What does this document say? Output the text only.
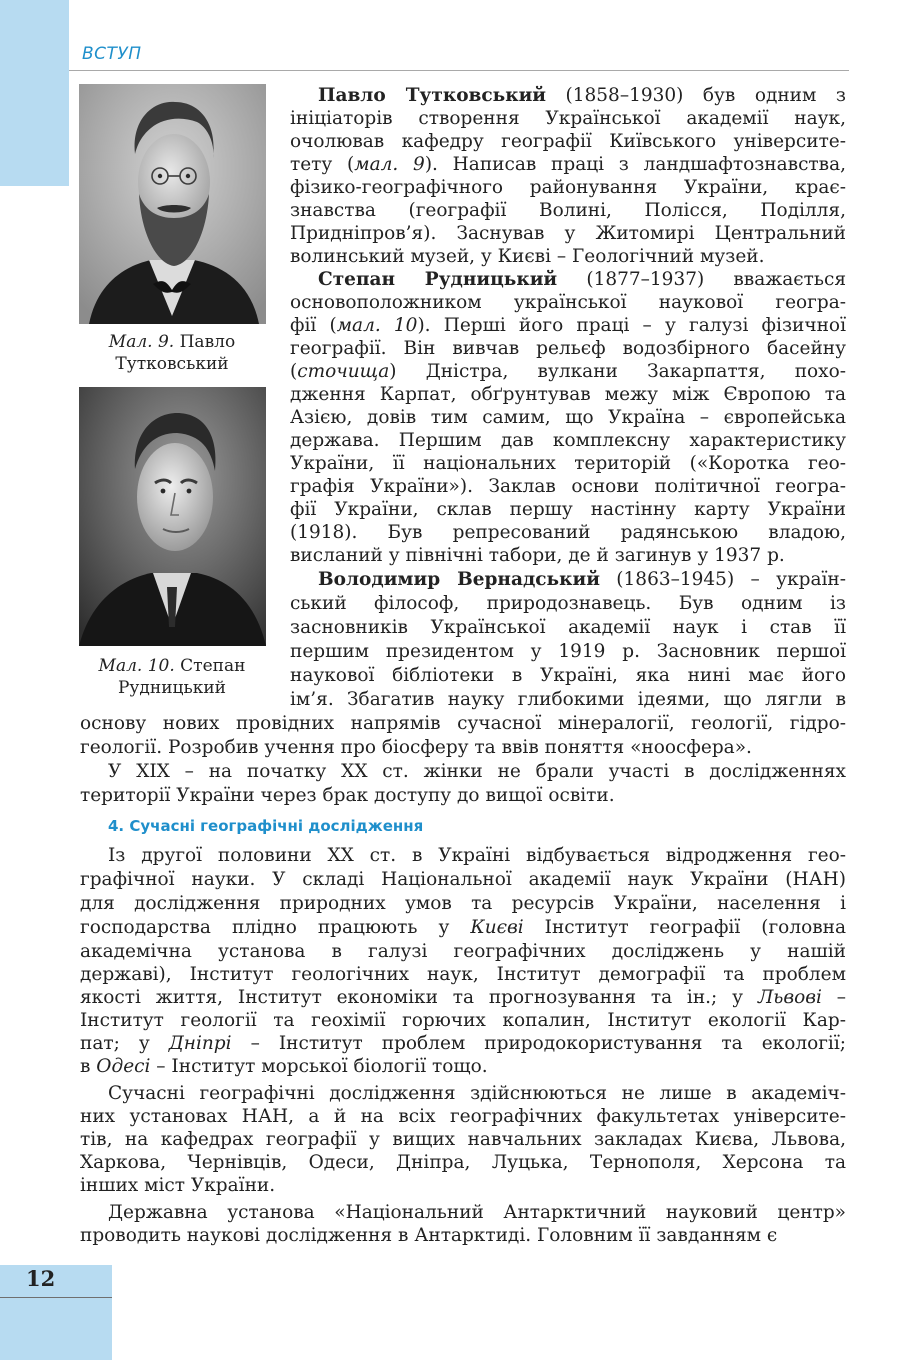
ВСТУП
Мал. 9. Павло
Тутковський
Мал. 10. Степан
Рудницький
4. Сучасні географічні дослідження
Павло Тутковський (1858–1930) був одним з
ініціаторів створення Української академії наук,
очолював кафедру географії Київського університе-
тету (мал. 9). Написав праці з ландшафтознавства,
фізико-географічного районування України, крає-
знавства (географії Волині, Полісся, Поділля,
Придніпров’я). Заснував у Житомирі Центральний
волинський музей, у Києві – Геологічний музей.
Степан Рудницький (1877–1937) вважається
основоположником української наукової геогра-
фії (мал. 10). Перші його праці – у галузі фізичної
географії. Він вивчав рельєф водозбірного басейну
(сточища) Дністра, вулкани Закарпаття, похо-
дження Карпат, обґрунтував межу між Європою та
Азією, довів тим самим, що Україна – європейська
держава. Першим дав комплексну характеристику
України, її національних територій («Коротка гео-
графія України»). Заклав основи політичної геогра-
фії України, склав першу настінну карту України
(1918). Був репресований радянською владою,
висланий у північні табори, де й загинув у 1937 р.
Володимир Вернадський (1863–1945) – україн-
ський філософ, природознавець. Був одним із
засновників Української академії наук і став її
першим президентом у 1919 р. Засновник першої
наукової бібліотеки в Україні, яка нині має його
ім’я. Збагатив науку глибокими ідеями, що лягли в
основу нових провідних напрямів сучасної мінералогії, геології, гідро-
геології. Розробив учення про біосферу та ввів поняття «ноосфера».
У XIX – на початку XX ст. жінки не брали участі в дослідженнях
території України через брак доступу до вищої освіти.
Із другої половини XX ст. в Україні відбувається відродження гео-
графічної науки. У складі Національної академії наук України (НАН)
для дослідження природних умов та ресурсів України, населення і
господарства плідно працюють у Києві Інститут географії (головна
академічна установа в галузі географічних досліджень у нашій
державі), Інститут геологічних наук, Інститут демографії та проблем
якості життя, Інститут економіки та прогнозування та ін.; у Львові –
Інститут геології та геохімії горючих копалин, Інститут екології Кар-
пат; у Дніпрі – Інститут проблем природокористування та екології;
в Одесі – Інститут морської біології тощо.
Сучасні географічні дослідження здійснюються не лише в академіч-
них установах НАН, а й на всіх географічних факультетах університе-
тів, на кафедрах географії у вищих навчальних закладах Києва, Львова,
Харкова, Чернівців, Одеси, Дніпра, Луцька, Тернополя, Херсона та
інших міст України.
Державна установа «Національний Антарктичний науковий центр»
проводить наукові дослідження в Антарктиді. Головним її завданням є
12
